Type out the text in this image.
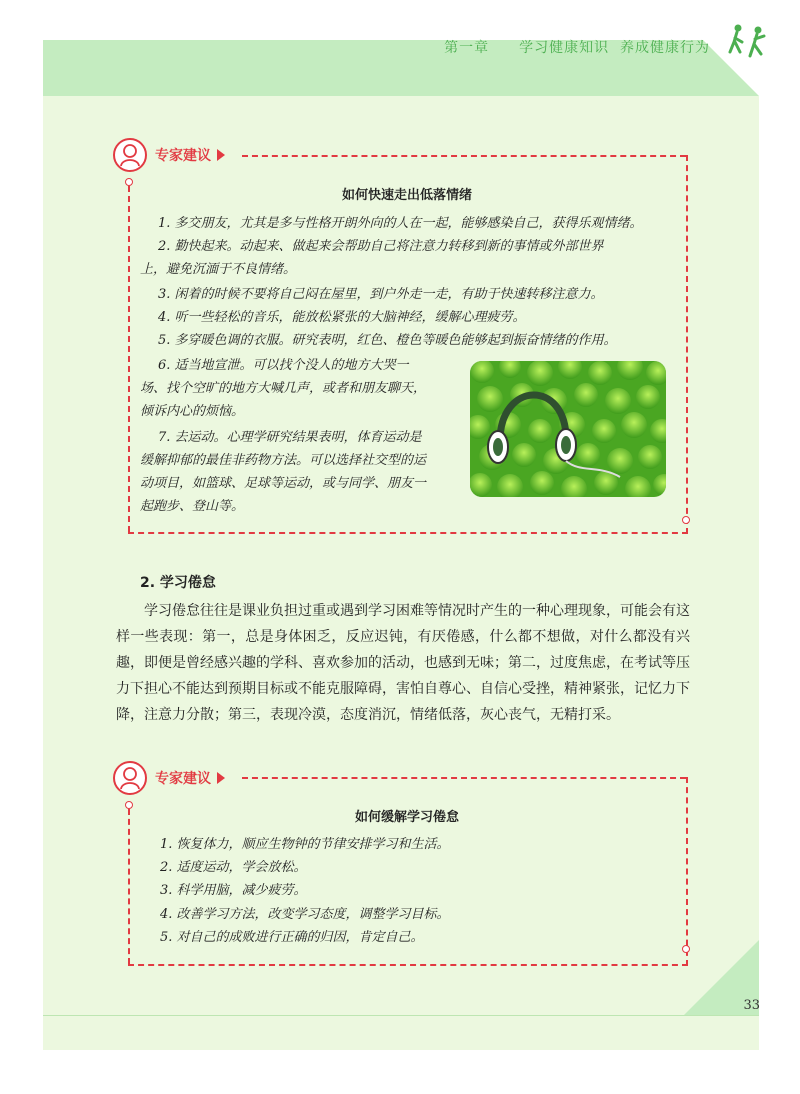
第一章 学习健康知识 养成健康行为
专家建议
如何快速走出低落情绪
1. 多交朋友，尤其是多与性格开朗外向的人在一起，能够感染自己，获得乐观情绪。
2. 勤快起来。动起来、做起来会帮助自己将注意力转移到新的事情或外部世界
上，避免沉湎于不良情绪。
3. 闲着的时候不要将自己闷在屋里，到户外走一走，有助于快速转移注意力。
4. 听一些轻松的音乐，能放松紧张的大脑神经，缓解心理疲劳。
5. 多穿暖色调的衣服。研究表明，红色、橙色等暖色能够起到振奋情绪的作用。
6. 适当地宣泄。可以找个没人的地方大哭一
场、找个空旷的地方大喊几声，或者和朋友聊天，
倾诉内心的烦恼。
7. 去运动。心理学研究结果表明，体育运动是
缓解抑郁的最佳非药物方法。可以选择社交型的运
动项目，如篮球、足球等运动，或与同学、朋友一
起跑步、登山等。
2. 学习倦怠
学习倦怠往往是课业负担过重或遇到学习困难等情况时产生的一种心理现象，可能会有这样一些表现：第一，总是身体困乏，反应迟钝，有厌倦感，什么都不想做，对什么都没有兴趣，即便是曾经感兴趣的学科、喜欢参加的活动，也感到无味；第二，过度焦虑，在考试等压力下担心不能达到预期目标或不能克服障碍，害怕自尊心、自信心受挫，精神紧张，记忆力下降，注意力分散；第三，表现冷漠，态度消沉，情绪低落，灰心丧气，无精打采。
专家建议
如何缓解学习倦怠
1. 恢复体力，顺应生物钟的节律安排学习和生活。
2. 适度运动，学会放松。
3. 科学用脑，减少疲劳。
4. 改善学习方法，改变学习态度，调整学习目标。
5. 对自己的成败进行正确的归因，肯定自己。
33
